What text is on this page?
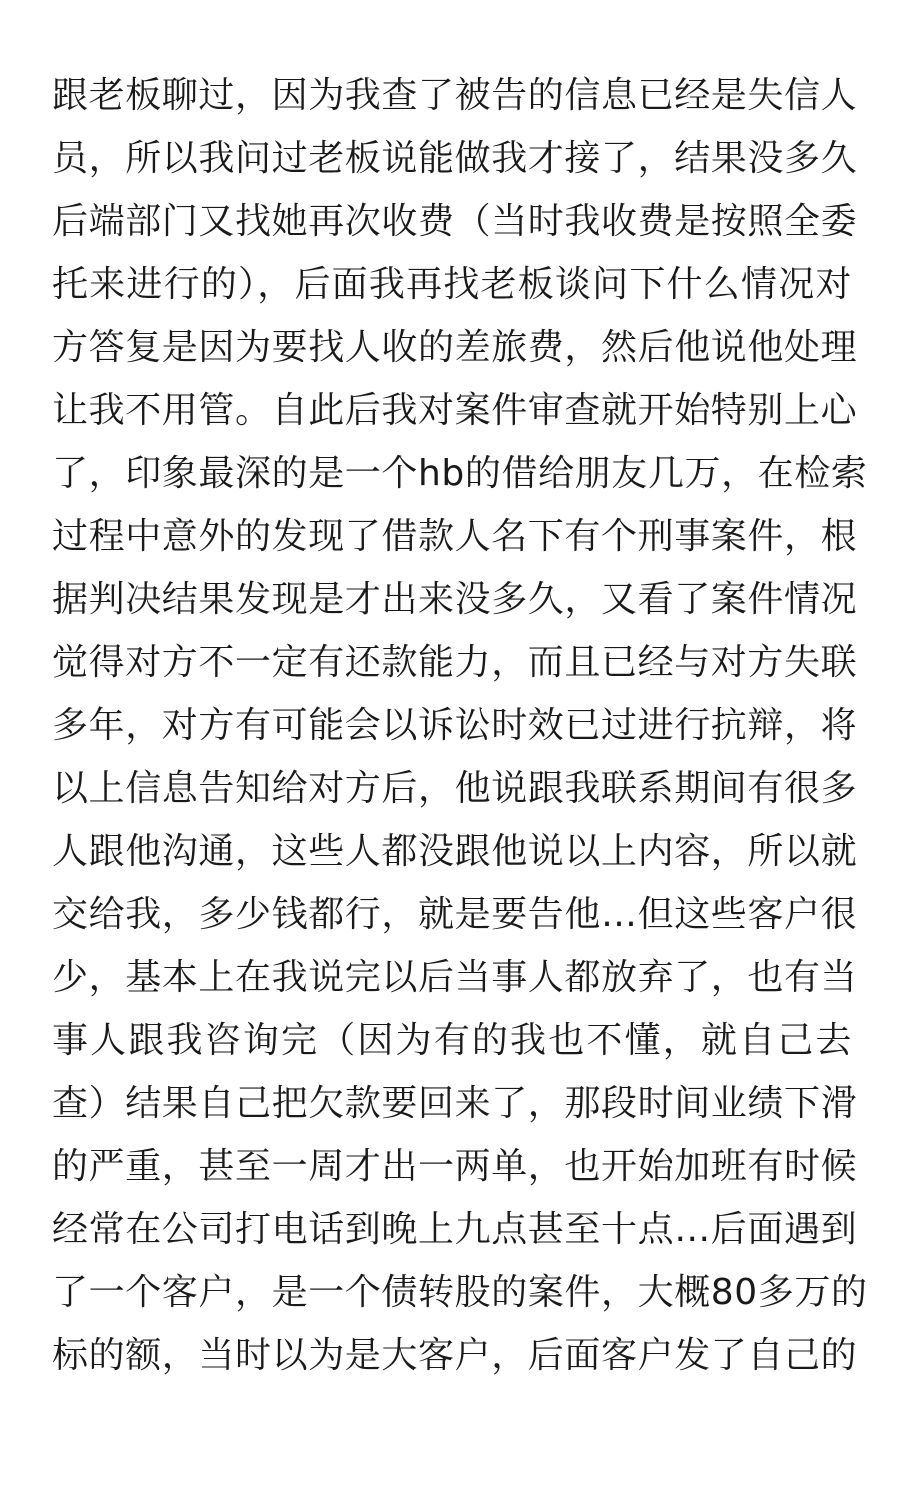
跟老板聊过，因为我查了被告的信息已经是失信人
员，所以我问过老板说能做我才接了，结果没多久
后端部门又找她再次收费（当时我收费是按照全委
托来进行的），后面我再找老板谈问下什么情况对
方答复是因为要找人收的差旅费，然后他说他处理
让我不用管。自此后我对案件审查就开始特别上心
了，印象最深的是一个hb的借给朋友几万，在检索
过程中意外的发现了借款人名下有个刑事案件，根
据判决结果发现是才出来没多久，又看了案件情况
觉得对方不一定有还款能力，而且已经与对方失联
多年，对方有可能会以诉讼时效已过进行抗辩，将
以上信息告知给对方后，他说跟我联系期间有很多
人跟他沟通，这些人都没跟他说以上内容，所以就
交给我，多少钱都行，就是要告他…但这些客户很
少，基本上在我说完以后当事人都放弃了，也有当
事人跟我咨询完（因为有的我也不懂，就自己去
查）结果自己把欠款要回来了，那段时间业绩下滑
的严重，甚至一周才出一两单，也开始加班有时候
经常在公司打电话到晚上九点甚至十点…后面遇到
了一个客户，是一个债转股的案件，大概80多万的
标的额，当时以为是大客户，后面客户发了自己的
